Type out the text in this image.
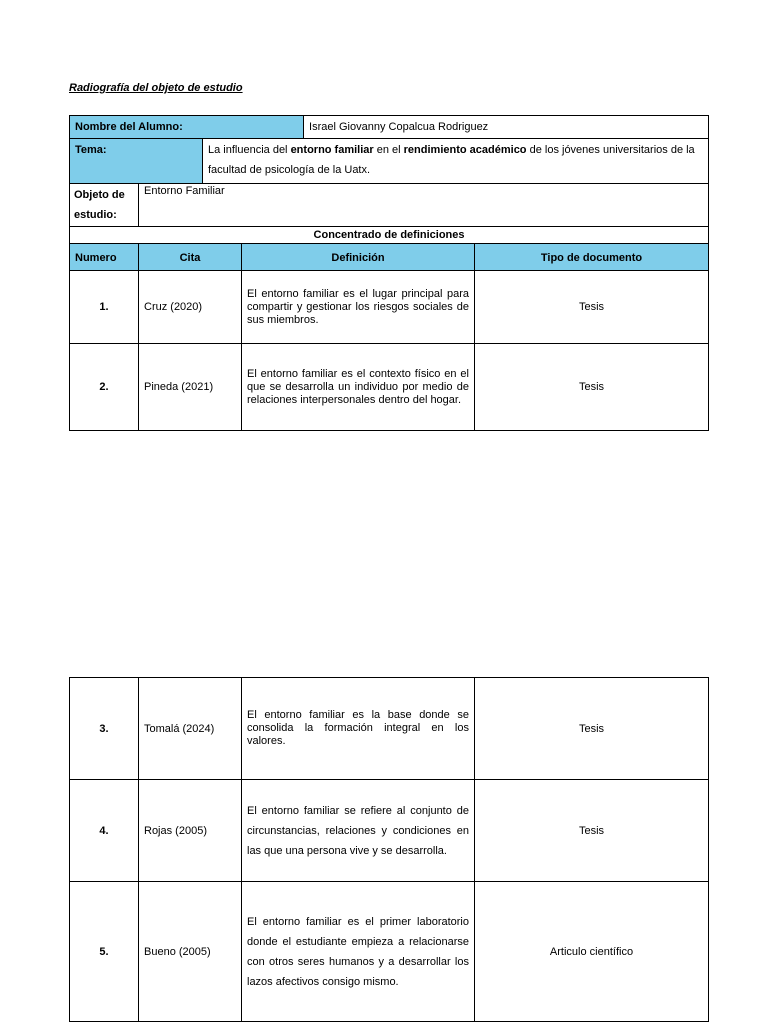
Radiografía del objeto de estudio
Nombre del Alumno:			Israel Giovanny Copalcua Rodriguez
Tema:		La influencia del entorno familiar en el rendimiento académico de los jóvenes universitarios de la facultad de psicología de la Uatx.	
Objeto de estudio:	Entorno Familiar		
Concentrado de definiciones			
Numero	Cita	Definición	Tipo de documento
1.	Cruz (2020)	El entorno familiar es el lugar principal para compartir y gestionar los riesgos sociales de sus miembros.	Tesis
2.	Pineda (2021)	El entorno familiar es el contexto físico en el que se desarrolla un individuo por medio de relaciones interpersonales dentro del hogar.	Tesis
3.	Tomalá (2024)	El entorno familiar es la base donde se consolida la formación integral en los valores.	Tesis
4.	Rojas (2005)	El entorno familiar se refiere al conjunto de circunstancias, relaciones y condiciones en las que una persona vive y se desarrolla.	Tesis
5.	Bueno (2005)	El entorno familiar es el primer laboratorio donde el estudiante empieza a relacionarse con otros seres humanos y a desarrollar los lazos afectivos consigo mismo.	Articulo científico
